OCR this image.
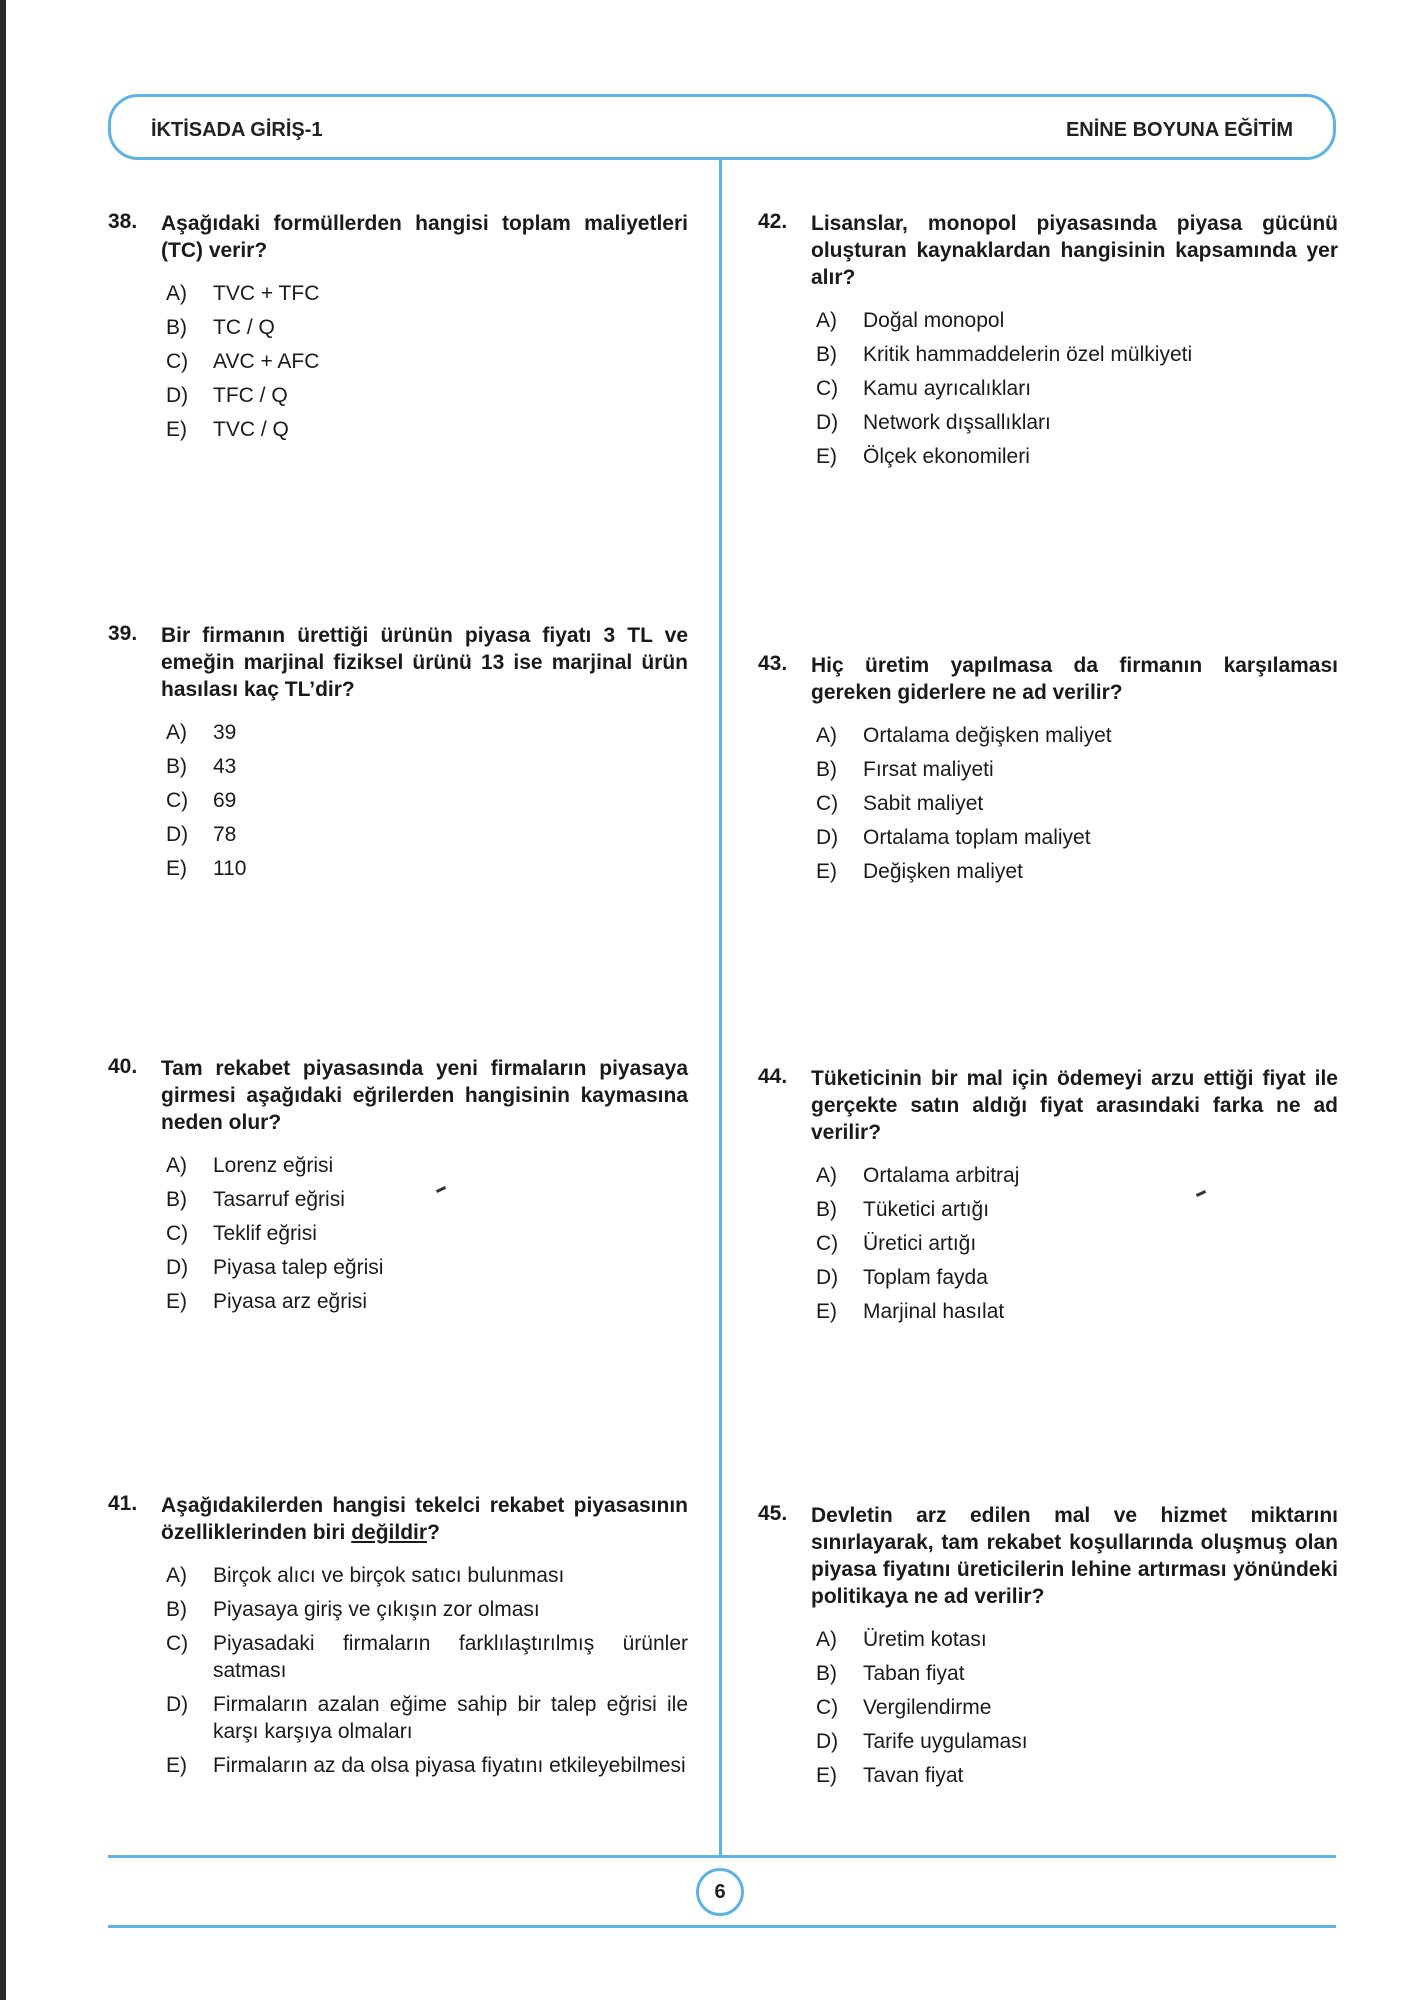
İKTİSADA GİRİŞ-1	ENİNE BOYUNA EĞİTİM
38. Aşağıdaki formüllerden hangisi toplam maliyetleri (TC) verir?
A) TVC + TFC
B) TC / Q
C) AVC + AFC
D) TFC / Q
E) TVC / Q
39. Bir firmanın ürettiği ürünün piyasa fiyatı 3 TL ve emeğin marjinal fiziksel ürünü 13 ise marjinal ürün hasılası kaç TL’dir?
A) 39
B) 43
C) 69
D) 78
E) 110
40. Tam rekabet piyasasında yeni firmaların piyasaya girmesi aşağıdaki eğrilerden hangisinin kaymasına neden olur?
A) Lorenz eğrisi
B) Tasarruf eğrisi
C) Teklif eğrisi
D) Piyasa talep eğrisi
E) Piyasa arz eğrisi
41. Aşağıdakilerden hangisi tekelci rekabet piyasasının özelliklerinden biri değildir?
A) Birçok alıcı ve birçok satıcı bulunması
B) Piyasaya giriş ve çıkışın zor olması
C) Piyasadaki firmaların farklılaştırılmış ürünler satması
D) Firmaların azalan eğime sahip bir talep eğrisi ile karşı karşıya olmaları
E) Firmaların az da olsa piyasa fiyatını etkileyebilmesi
42. Lisanslar, monopol piyasasında piyasa gücünü oluşturan kaynaklardan hangisinin kapsamında yer alır?
A) Doğal monopol
B) Kritik hammaddelerin özel mülkiyeti
C) Kamu ayrıcalıkları
D) Network dışsallıkları
E) Ölçek ekonomileri
43. Hiç üretim yapılmasa da firmanın karşılaması gereken giderlere ne ad verilir?
A) Ortalama değişken maliyet
B) Fırsat maliyeti
C) Sabit maliyet
D) Ortalama toplam maliyet
E) Değişken maliyet
44. Tüketicinin bir mal için ödemeyi arzu ettiği fiyat ile gerçekte satın aldığı fiyat arasındaki farka ne ad verilir?
A) Ortalama arbitraj
B) Tüketici artığı
C) Üretici artığı
D) Toplam fayda
E) Marjinal hasılat
45. Devletin arz edilen mal ve hizmet miktarını sınırlayarak, tam rekabet koşullarında oluşmuş olan piyasa fiyatını üreticilerin lehine artırması yönündeki politikaya ne ad verilir?
A) Üretim kotası
B) Taban fiyat
C) Vergilendirme
D) Tarife uygulaması
E) Tavan fiyat
6
